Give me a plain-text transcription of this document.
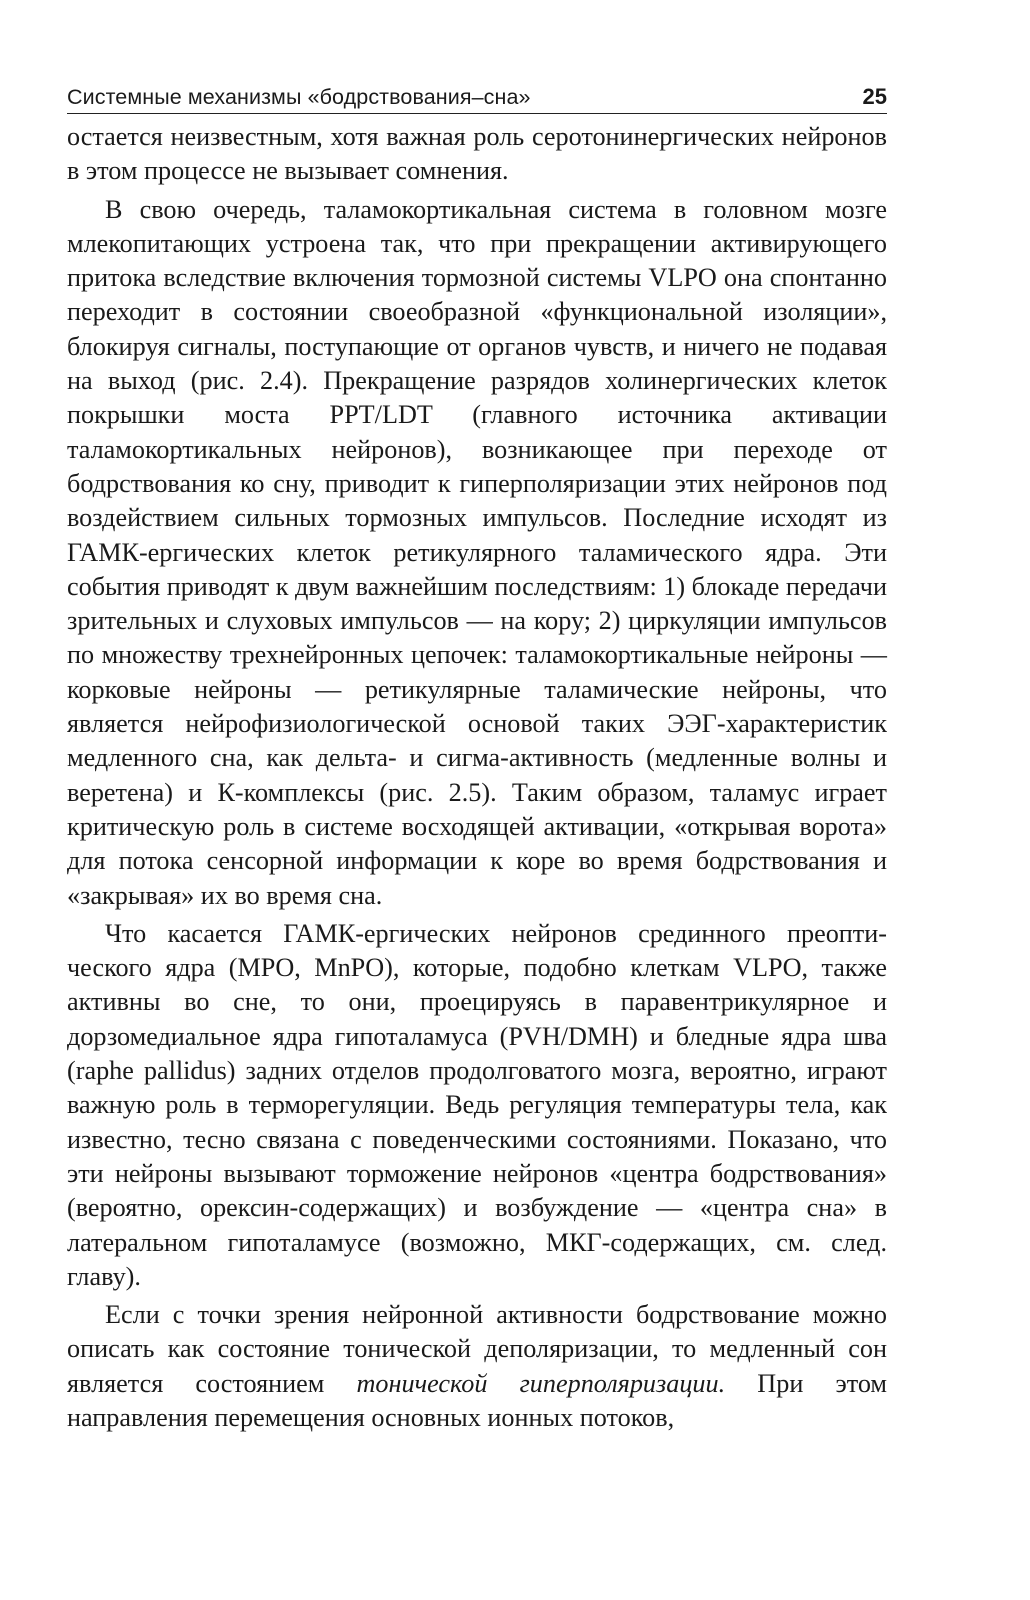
Системные механизмы «бодрствования–сна»	25

остается неизвестным, хотя важная роль серотонинергических нейронов в этом процессе не вызывает сомнения.

В свою очередь, таламокортикальная система в головном мозге млекопитающих устроена так, что при прекращении активирующего притока вследствие включения тормозной системы VLPO она спонтанно переходит в состоянии своеобразной «функциональной изоляции», блокируя сигналы, поступающие от органов чувств, и ничего не подавая на выход (рис. 2.4). Прекращение разрядов холинергических клеток покрышки моста PPT/LDT (главного источника активации таламокортикальных нейронов), возникающее при переходе от бодрствования ко сну, приводит к гиперполяризации этих нейронов под воздействием сильных тормозных импульсов. Последние исходят из ГАМК-ергических клеток ретикулярного таламического ядра. Эти события приводят к двум важнейшим последствиям: 1) блокаде передачи зрительных и слуховых импульсов — на кору; 2) циркуляции импульсов по множеству трехнейронных цепочек: таламокортикальные нейроны — корковые нейроны — ретикулярные таламические нейроны, что является нейрофизиологической основой таких ЭЭГ-характеристик медленного сна, как дельта- и сигма-активность (медленные волны и веретена) и К-комплексы (рис. 2.5). Таким образом, таламус играет критическую роль в системе восходящей активации, «открывая ворота» для потока сенсорной информации к коре во время бодрствования и «закрывая» их во время сна.

Что касается ГАМК-ергических нейронов срединного преоптического ядра (MPO, MnPO), которые, подобно клеткам VLPO, также активны во сне, то они, проецируясь в паравентрикулярное и дорзомедиальное ядра гипоталамуса (PVH/DMH) и бледные ядра шва (raphe pallidus) задних отделов продолговатого мозга, вероятно, играют важную роль в терморегуляции. Ведь регуляция температуры тела, как известно, тесно связана с поведенческими состояниями. Показано, что эти нейроны вызывают торможение нейронов «центра бодрствования» (вероятно, орексин-содержащих) и возбуждение — «центра сна» в латеральном гипоталамусе (возможно, МКГ-содержащих, см. след. главу).

Если с точки зрения нейронной активности бодрствование можно описать как состояние тонической деполяризации, то медленный сон является состоянием тонической гиперполяризации. При этом направления перемещения основных ионных потоков,
